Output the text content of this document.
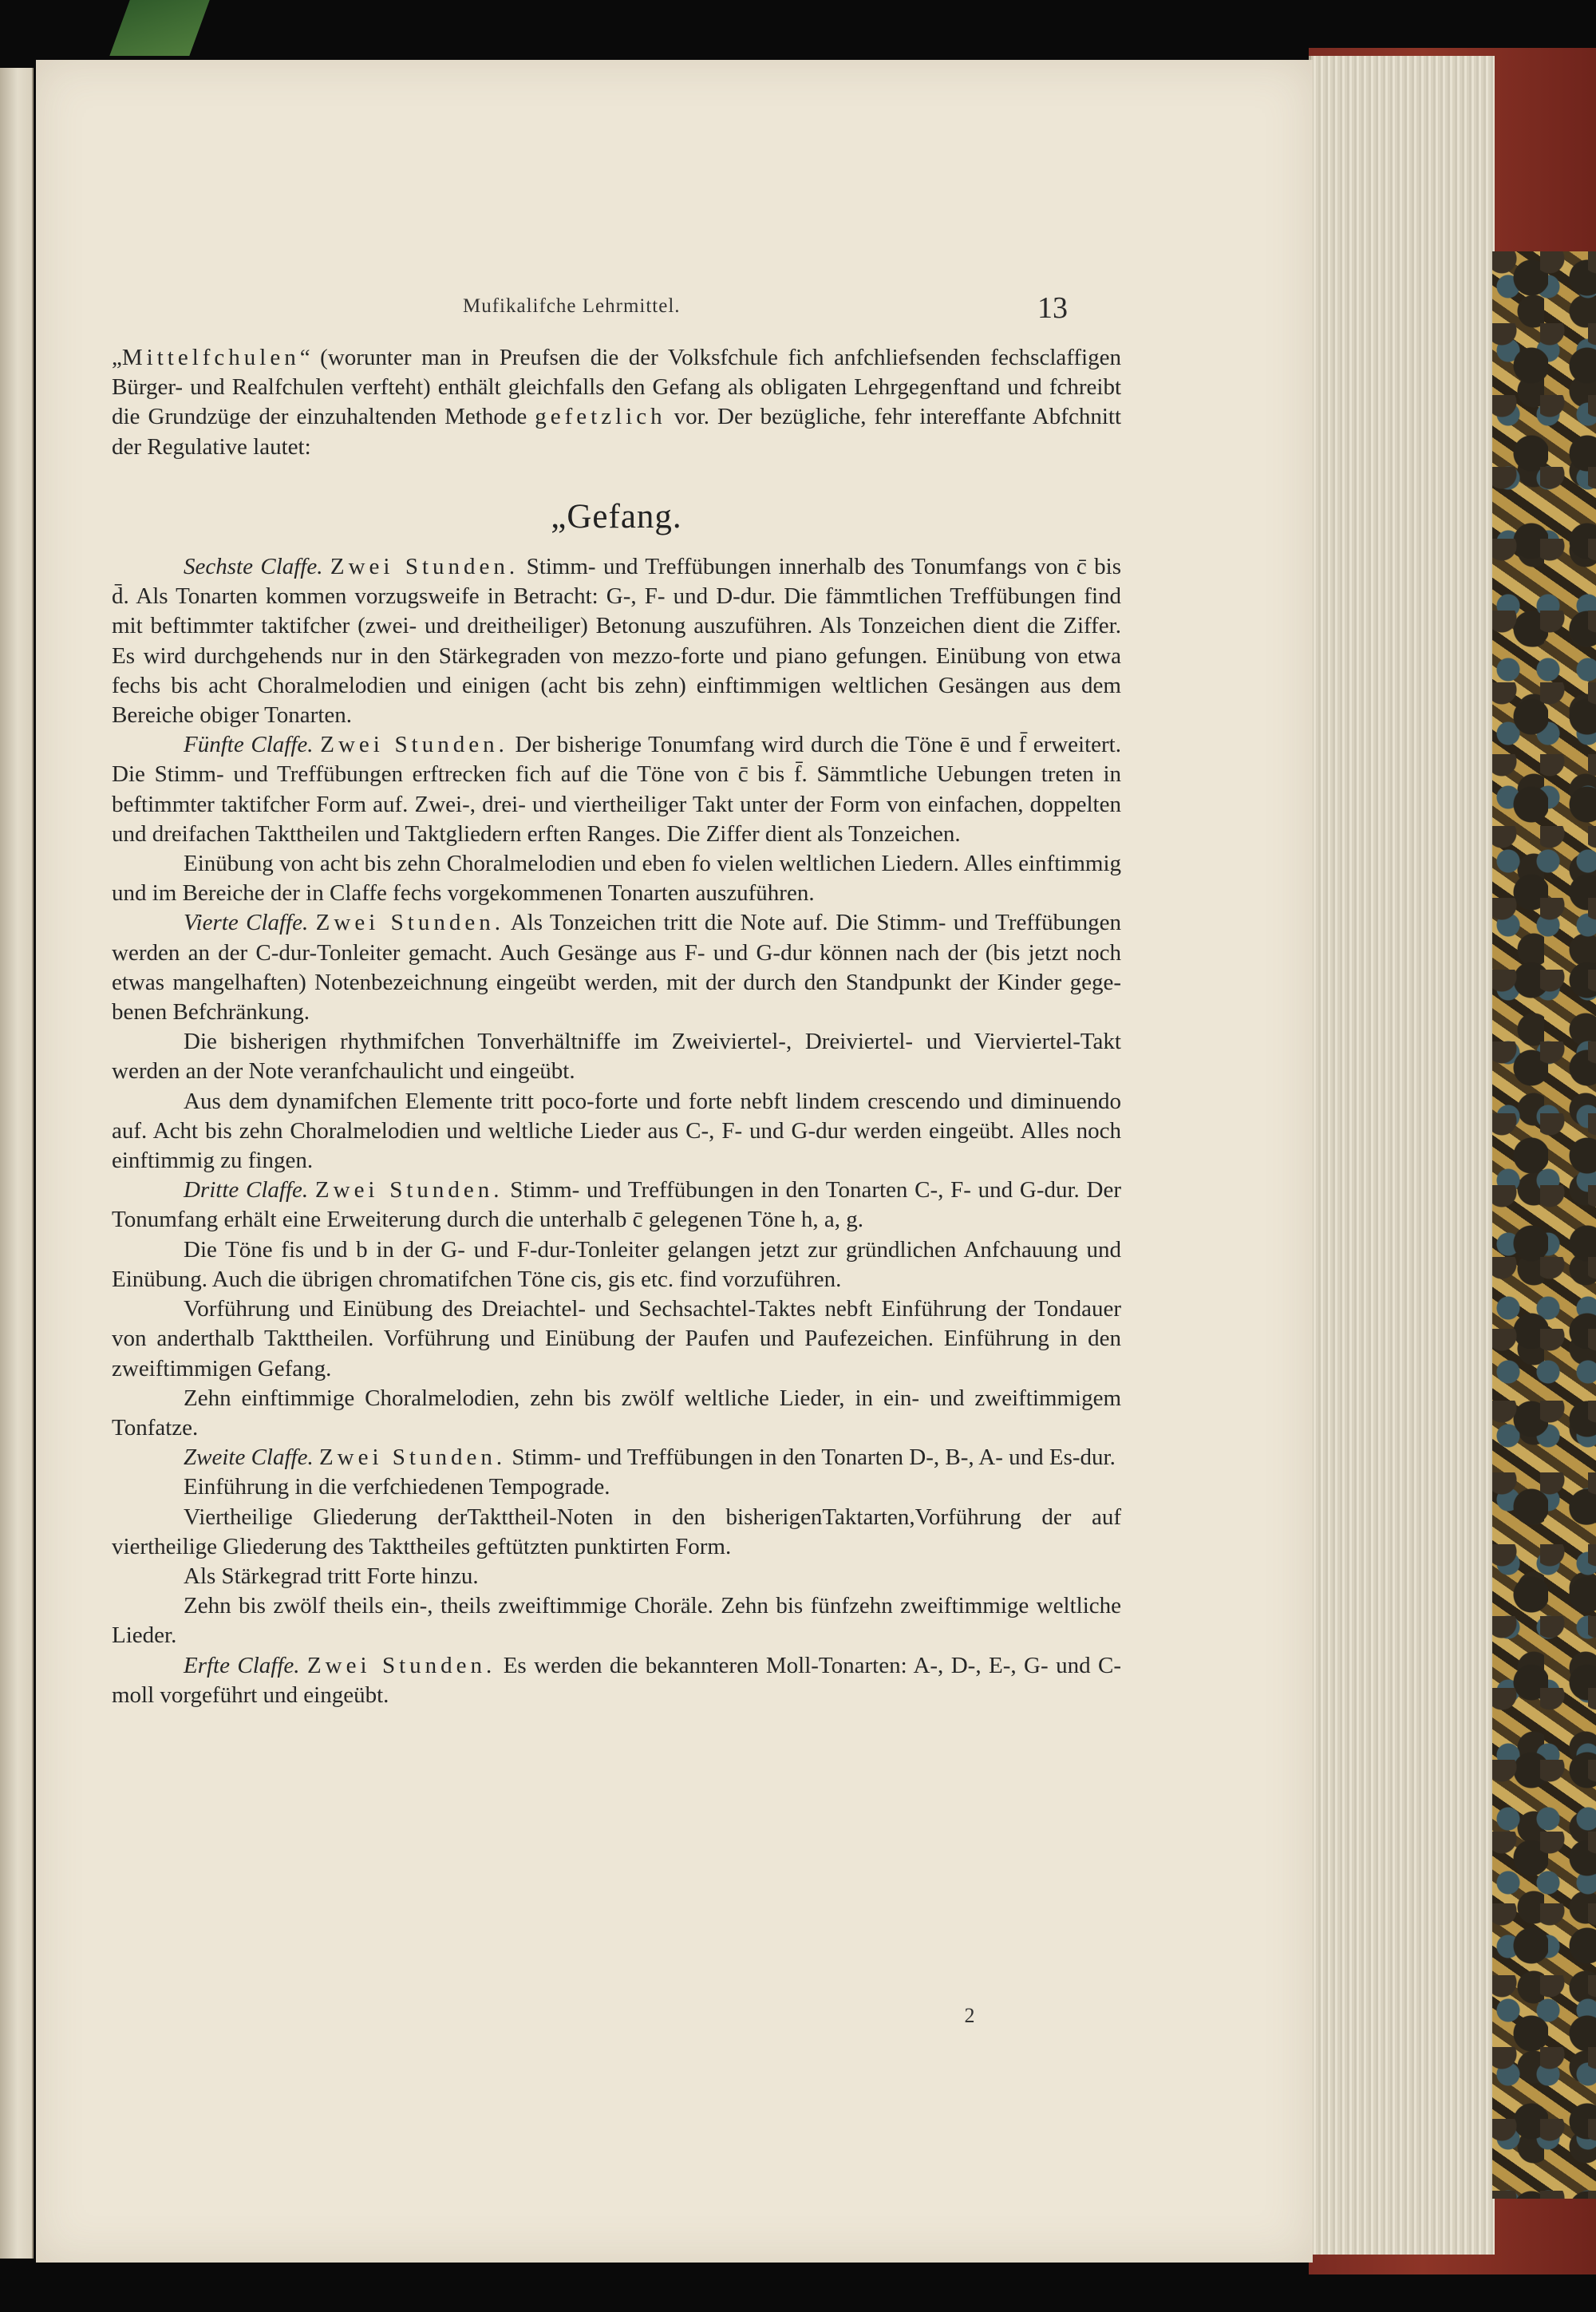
Mufikalifche Lehrmittel.	13

„Mittelfchulen“ (worunter man in Preufsen die der Volksfchule fich anfchliefsenden fechsclaffigen Bürger- und Realfchulen verfteht) enthält gleichfalls den Gefang als obligaten Lehrgegenftand und fchreibt die Grundzüge der einzuhaltenden Methode gefetzlich vor. Der bezügliche, fehr intereffante Abfchnitt der Regulative lautet:

„Gefang.

Sechste Claffe. Zwei Stunden. Stimm- und Treffübungen innerhalb des Tonumfangs von c̄ bis d̄. Als Tonarten kommen vorzugsweife in Betracht: G-, F- und D-dur. Die fämmtlichen Treffübungen find mit beftimmter taktifcher (zwei- und dreitheiliger) Betonung auszuführen. Als Tonzeichen dient die Ziffer. Es wird durchgehends nur in den Stärkegraden von mezzo-forte und piano gefungen. Einübung von etwa fechs bis acht Choralmelodien und einigen (acht bis zehn) einftimmigen weltlichen Gesängen aus dem Bereiche obiger Tonarten.

Fünfte Claffe. Zwei Stunden. Der bisherige Tonumfang wird durch die Töne ē und f̄ erweitert. Die Stimm- und Treffübungen erftrecken fich auf die Töne von c̄ bis f̄. Sämmtliche Uebungen treten in beftimmter taktifcher Form auf. Zwei-, drei- und viertheiliger Takt unter der Form von einfachen, doppelten und dreifachen Takttheilen und Taktgliedern erften Ranges. Die Ziffer dient als Tonzeichen.

Einübung von acht bis zehn Choralmelodien und eben fo vielen weltlichen Liedern. Alles einftimmig und im Bereiche der in Claffe fechs vorgekommenen Tonarten auszuführen.

Vierte Claffe. Zwei Stunden. Als Tonzeichen tritt die Note auf. Die Stimm- und Treffübungen werden an der C-dur-Tonleiter gemacht. Auch Gesänge aus F- und G-dur können nach der (bis jetzt noch etwas mangelhaften) Notenbezeichnung eingeübt werden, mit der durch den Standpunkt der Kinder gegebenen Befchränkung.

Die bisherigen rhythmifchen Tonverhältniffe im Zweiviertel-, Dreiviertel- und Vierviertel-Takt werden an der Note veranfchaulicht und eingeübt.

Aus dem dynamifchen Elemente tritt poco-forte und forte nebft lindem crescendo und diminuendo auf. Acht bis zehn Choralmelodien und weltliche Lieder aus C-, F- und G-dur werden eingeübt. Alles noch einftimmig zu fingen.

Dritte Claffe. Zwei Stunden. Stimm- und Treffübungen in den Tonarten C-, F- und G-dur. Der Tonumfang erhält eine Erweiterung durch die unterhalb c̄ gelegenen Töne h, a, g.

Die Töne fis und b in der G- und F-dur-Tonleiter gelangen jetzt zur gründlichen Anfchauung und Einübung. Auch die übrigen chromatifchen Töne cis, gis etc. find vorzuführen.

Vorführung und Einübung des Dreiachtel- und Sechsachtel-Taktes nebft Einführung der Tondauer von anderthalb Takttheilen. Vorführung und Einübung der Paufen und Paufezeichen. Einführung in den zweiftimmigen Gefang.

Zehn einftimmige Choralmelodien, zehn bis zwölf weltliche Lieder, in ein- und zweiftimmigem Tonfatze.

Zweite Claffe. Zwei Stunden. Stimm- und Treffübungen in den Tonarten D-, B-, A- und Es-dur.

Einführung in die verfchiedenen Tempograde.

Viertheilige Gliederung derTakttheil-Noten in den bisherigenTaktarten,Vorführung der auf viertheilige Gliederung des Takttheiles geftützten punktirten Form.

Als Stärkegrad tritt Forte hinzu.

Zehn bis zwölf theils ein-, theils zweiftimmige Choräle. Zehn bis fünfzehn zweiftimmige weltliche Lieder.

Erfte Claffe. Zwei Stunden. Es werden die bekannteren Moll-Tonarten: A-, D-, E-, G- und C-moll vorgeführt und eingeübt.

2
